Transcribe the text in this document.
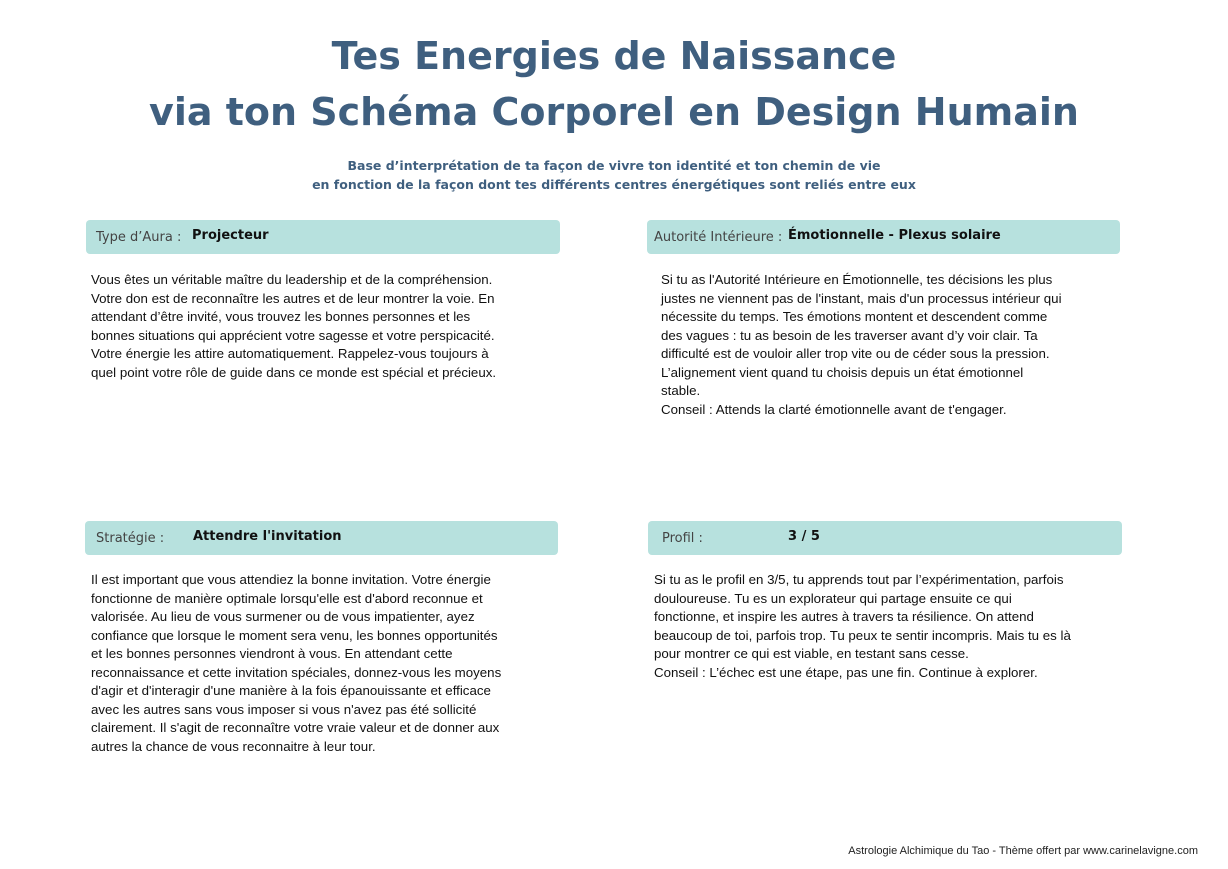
Tes Energies de Naissance
via ton Schéma Corporel en Design Humain
Base d’interprétation de ta façon de vivre ton identité et ton chemin de vie
en fonction de la façon dont tes différents centres énergétiques sont reliés entre eux
Type d’Aura : Projecteur
Vous êtes un véritable maître du leadership et de la compréhension.
Votre don est de reconnaître les autres et de leur montrer la voie. En
attendant d’être invité, vous trouvez les bonnes personnes et les
bonnes situations qui apprécient votre sagesse et votre perspicacité.
Votre énergie les attire automatiquement. Rappelez-vous toujours à
quel point votre rôle de guide dans ce monde est spécial et précieux.
Autorité Intérieure : Émotionnelle - Plexus solaire
Si tu as l'Autorité Intérieure en Émotionnelle, tes décisions les plus
justes ne viennent pas de l'instant, mais d'un processus intérieur qui
nécessite du temps. Tes émotions montent et descendent comme
des vagues : tu as besoin de les traverser avant d’y voir clair. Ta
difficulté est de vouloir aller trop vite ou de céder sous la pression.
L’alignement vient quand tu choisis depuis un état émotionnel
stable.
Conseil : Attends la clarté émotionnelle avant de t'engager.
Stratégie : Attendre l'invitation
Il est important que vous attendiez la bonne invitation. Votre énergie
fonctionne de manière optimale lorsqu'elle est d'abord reconnue et
valorisée. Au lieu de vous surmener ou de vous impatienter, ayez
confiance que lorsque le moment sera venu, les bonnes opportunités
et les bonnes personnes viendront à vous. En attendant cette
reconnaissance et cette invitation spéciales, donnez-vous les moyens
d'agir et d'interagir d'une manière à la fois épanouissante et efficace
avec les autres sans vous imposer si vous n'avez pas été sollicité
clairement. Il s'agit de reconnaître votre vraie valeur et de donner aux
autres la chance de vous reconnaitre à leur tour.
Profil :	3 / 5
Si tu as le profil en 3/5, tu apprends tout par l’expérimentation, parfois
douloureuse. Tu es un explorateur qui partage ensuite ce qui
fonctionne, et inspire les autres à travers ta résilience. On attend
beaucoup de toi, parfois trop. Tu peux te sentir incompris. Mais tu es là
pour montrer ce qui est viable, en testant sans cesse.
Conseil : L’échec est une étape, pas une fin. Continue à explorer.
Astrologie Alchimique du Tao - Thème offert par www.carinelavigne.com
